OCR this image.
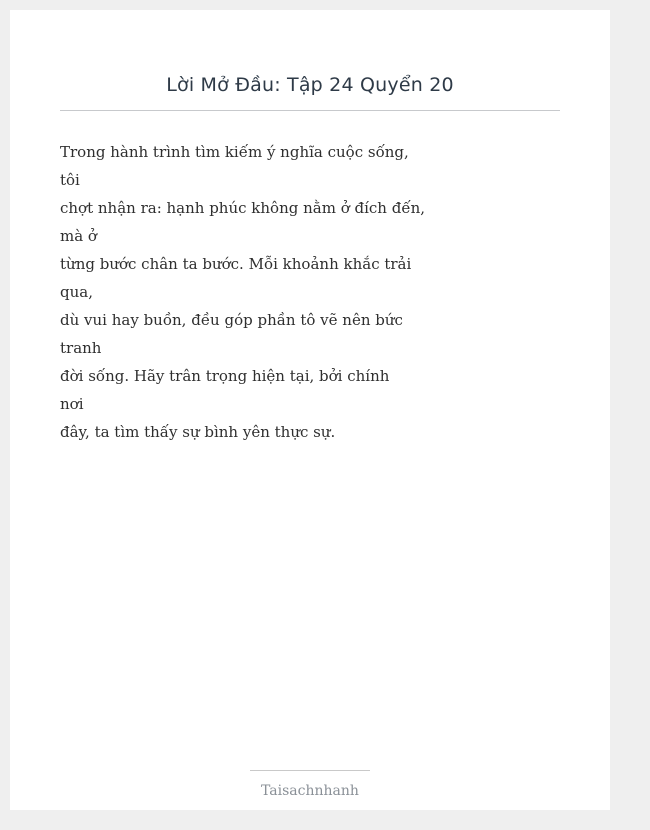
Lời Mở Đầu: Tập 24 Quyển 20
Trong hành trình tìm kiếm ý nghĩa cuộc sống,
tôi
chợt nhận ra: hạnh phúc không nằm ở đích đến,
mà ở
từng bước chân ta bước. Mỗi khoảnh khắc trải
qua,
dù vui hay buồn, đều góp phần tô vẽ nên bức
tranh
đời sống. Hãy trân trọng hiện tại, bởi chính
nơi
đây, ta tìm thấy sự bình yên thực sự.
Taisachnhanh
